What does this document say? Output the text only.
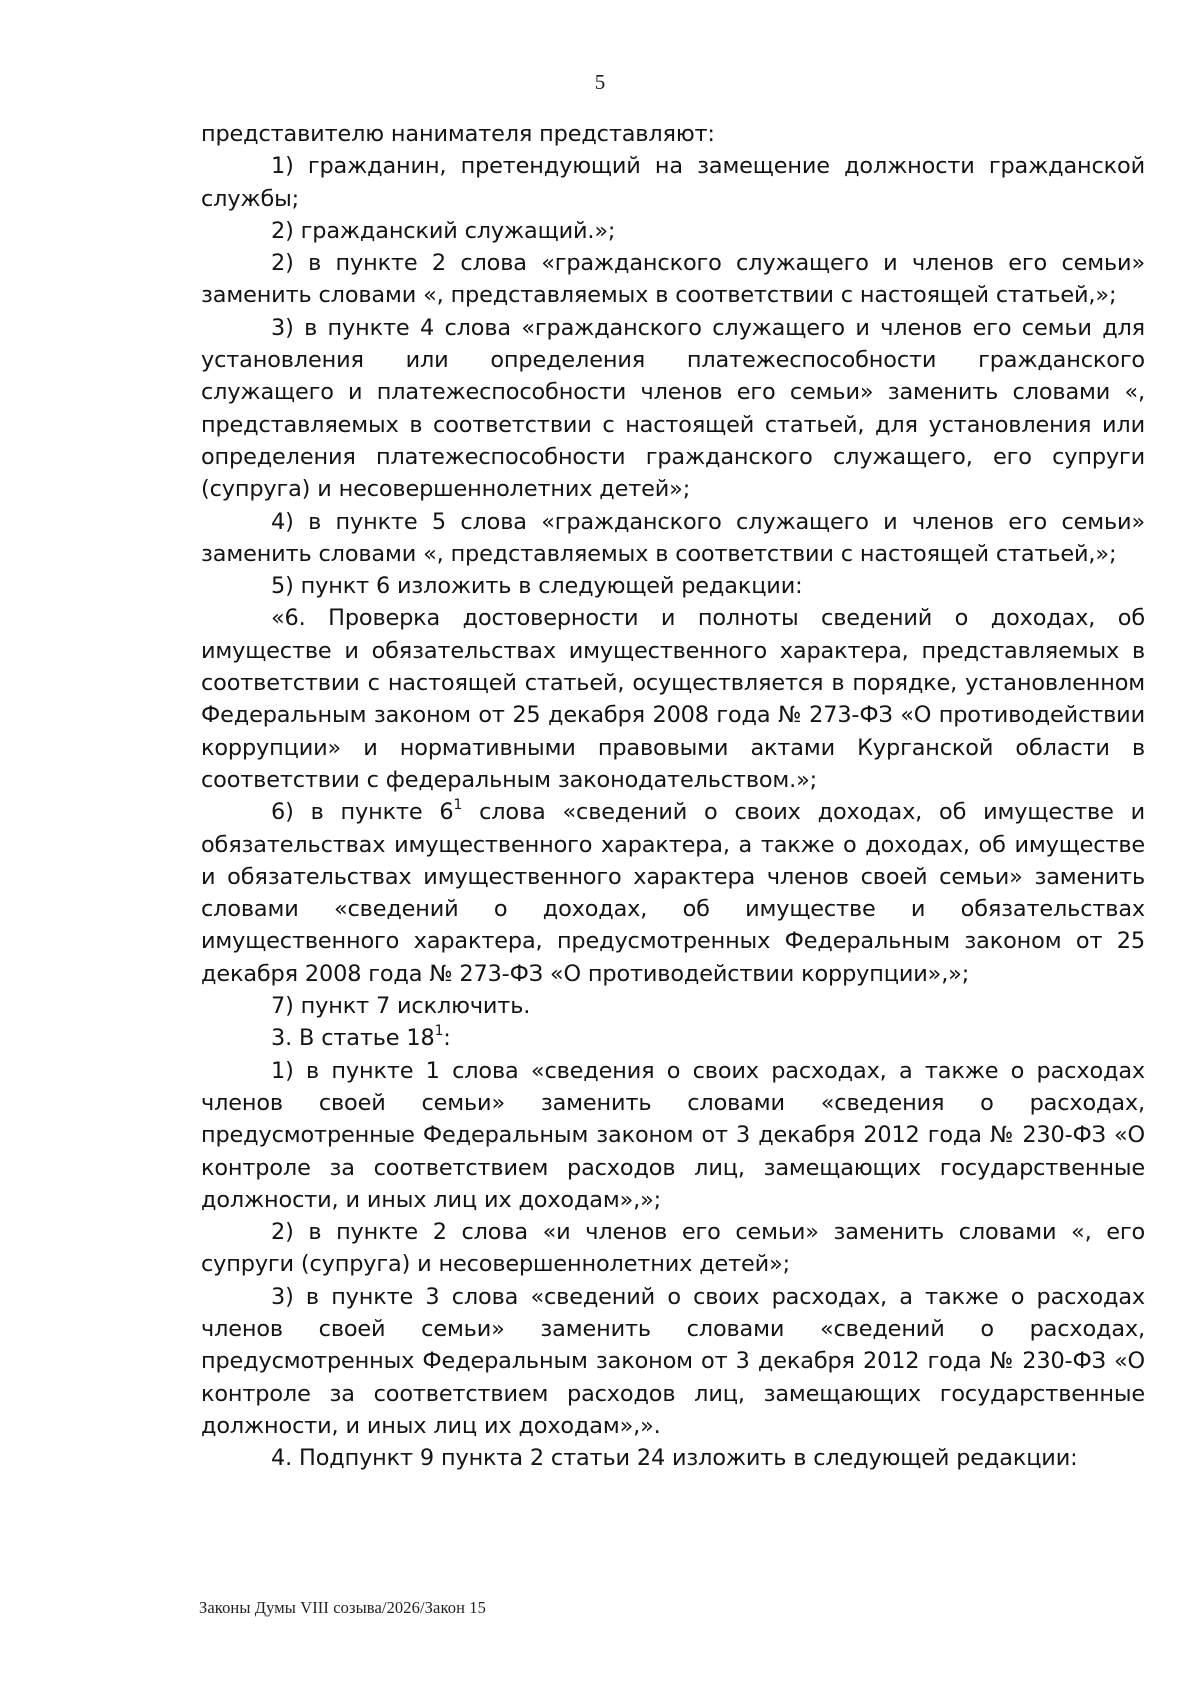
5

представителю нанимателя представляют:

1) гражданин, претендующий на замещение должности гражданской службы;

2) гражданский служащий.»;

2) в пункте 2 слова «гражданского служащего и членов его семьи» заменить словами «, представляемых в соответствии с настоящей статьей,»;

3) в пункте 4 слова «гражданского служащего и членов его семьи для установления или определения платежеспособности гражданского служащего и платежеспособности членов его семьи» заменить словами «, представляемых в соответствии с настоящей статьей, для установления или определения платежеспособности гражданского служащего, его супруги (супруга) и несовершеннолетних детей»;

4) в пункте 5 слова «гражданского служащего и членов его семьи» заменить словами «, представляемых в соответствии с настоящей статьей,»;

5) пункт 6 изложить в следующей редакции:

«6. Проверка достоверности и полноты сведений о доходах, об имуществе и обязательствах имущественного характера, представляемых в соответствии с настоящей статьей, осуществляется в порядке, установленном Федеральным законом от 25 декабря 2008 года № 273-ФЗ «О противодействии коррупции» и нормативными правовыми актами Курганской области в соответствии с федеральным законодательством.»;

6) в пункте $6^1$ слова «сведений о своих доходах, об имуществе и обязательствах имущественного характера, а также о доходах, об имуществе и обязательствах имущественного характера членов своей семьи» заменить словами «сведений о доходах, об имуществе и обязательствах имущественного характера, предусмотренных Федеральным законом от 25 декабря 2008 года № 273-ФЗ «О противодействии коррупции»,»;

7) пункт 7 исключить.

3. В статье $18^1$:

1) в пункте 1 слова «сведения о своих расходах, а также о расходах членов своей семьи» заменить словами «сведения о расходах, предусмотренные Федеральным законом от 3 декабря 2012 года № 230-ФЗ «О контроле за соответствием расходов лиц, замещающих государственные должности, и иных лиц их доходам»,»;

2) в пункте 2 слова «и членов его семьи» заменить словами «, его супруги (супруга) и несовершеннолетних детей»;

3) в пункте 3 слова «сведений о своих расходах, а также о расходах членов своей семьи» заменить словами «сведений о расходах, предусмотренных Федеральным законом от 3 декабря 2012 года № 230-ФЗ «О контроле за соответствием расходов лиц, замещающих государственные должности, и иных лиц их доходам»,».

4. Подпункт 9 пункта 2 статьи 24 изложить в следующей редакции:

Законы Думы VIII созыва/2026/Закон 15
